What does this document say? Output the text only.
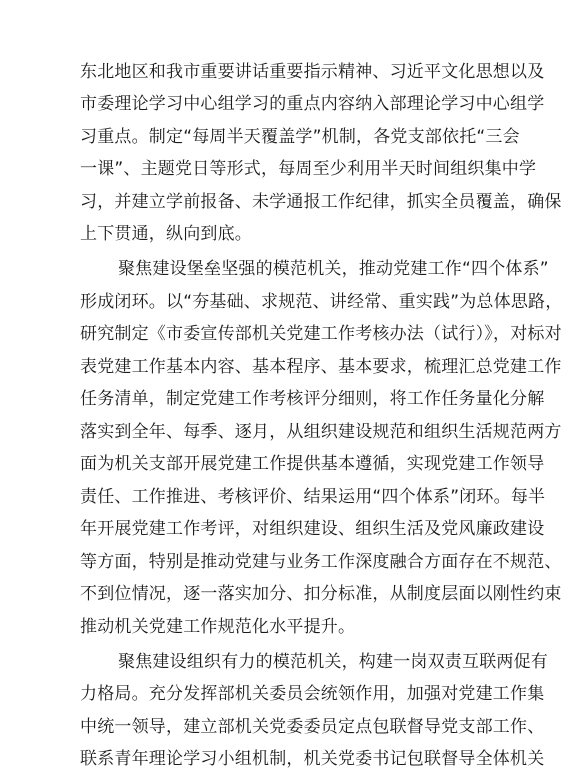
东北地区和我市重要讲话重要指示精神、习近平文化思想以及
市委理论学习中心组学习的重点内容纳入部理论学习中心组学
习重点。制定“每周半天覆盖学”机制，各党支部依托“三会
一课”、主题党日等形式，每周至少利用半天时间组织集中学
习，并建立学前报备、未学通报工作纪律，抓实全员覆盖，确保
上下贯通，纵向到底。
聚焦建设堡垒坚强的模范机关，推动党建工作“四个体系”
形成闭环。以“夯基础、求规范、讲经常、重实践”为总体思路，
研究制定《市委宣传部机关党建工作考核办法（试行）》，对标对
表党建工作基本内容、基本程序、基本要求，梳理汇总党建工作
任务清单，制定党建工作考核评分细则，将工作任务量化分解
落实到全年、每季、逐月，从组织建设规范和组织生活规范两方
面为机关支部开展党建工作提供基本遵循，实现党建工作领导
责任、工作推进、考核评价、结果运用“四个体系”闭环。每半
年开展党建工作考评，对组织建设、组织生活及党风廉政建设
等方面，特别是推动党建与业务工作深度融合方面存在不规范、
不到位情况，逐一落实加分、扣分标准，从制度层面以刚性约束
推动机关党建工作规范化水平提升。
聚焦建设组织有力的模范机关，构建一岗双责互联两促有
力格局。充分发挥部机关委员会统领作用，加强对党建工作集
中统一领导，建立部机关党委委员定点包联督导党支部工作、
联系青年理论学习小组机制，机关党委书记包联督导全体机关
